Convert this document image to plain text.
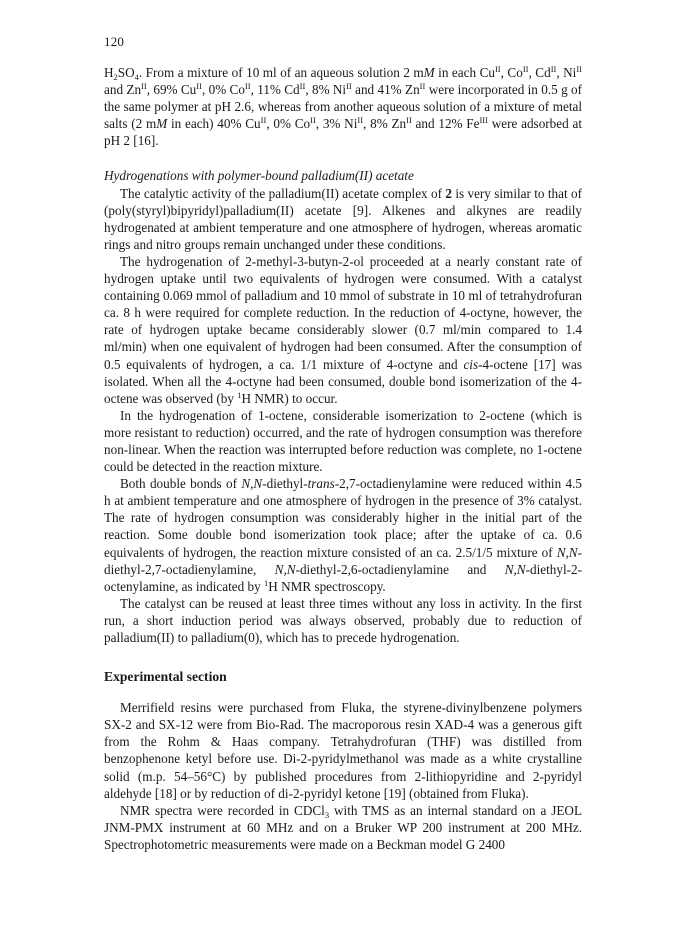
120

$H_2SO_4$. From a mixture of 10 ml of an aqueous solution 2 mM in each $Cu^{II}$, $Co^{II}$, $Cd^{II}$, $Ni^{II}$ and $Zn^{II}$, 69% $Cu^{II}$, 0% $Co^{II}$, 11% $Cd^{II}$, 8% $Ni^{II}$ and 41% $Zn^{II}$ were incorporated in 0.5 g of the same polymer at pH 2.6, whereas from another aqueous solution of a mixture of metal salts (2 mM in each) 40% $Cu^{II}$, 0% $Co^{II}$, 3% $Ni^{II}$, 8% $Zn^{II}$ and 12% $Fe^{III}$ were adsorbed at pH 2 [16].

Hydrogenations with polymer-bound palladium(II) acetate

The catalytic activity of the palladium(II) acetate complex of 2 is very similar to that of (poly(styryl)bipyridyl)palladium(II) acetate [9]. Alkenes and alkynes are readily hydrogenated at ambient temperature and one atmosphere of hydrogen, whereas aromatic rings and nitro groups remain unchanged under these conditions.

The hydrogenation of 2-methyl-3-butyn-2-ol proceeded at a nearly constant rate of hydrogen uptake until two equivalents of hydrogen were consumed. With a catalyst containing 0.069 mmol of palladium and 10 mmol of substrate in 10 ml of tetrahydrofuran ca. 8 h were required for complete reduction. In the reduction of 4-octyne, however, the rate of hydrogen uptake became considerably slower (0.7 ml/min compared to 1.4 ml/min) when one equivalent of hydrogen had been consumed. After the consumption of 0.5 equivalents of hydrogen, a ca. 1/1 mixture of 4-octyne and cis-4-octene [17] was isolated. When all the 4-octyne had been consumed, double bond isomerization of the 4-octene was observed (by $^1$H NMR) to occur.

In the hydrogenation of 1-octene, considerable isomerization to 2-octene (which is more resistant to reduction) occurred, and the rate of hydrogen consumption was therefore non-linear. When the reaction was interrupted before reduction was complete, no 1-octene could be detected in the reaction mixture.

Both double bonds of N,N-diethyl-trans-2,7-octadienylamine were reduced within 4.5 h at ambient temperature and one atmosphere of hydrogen in the presence of 3% catalyst. The rate of hydrogen consumption was considerably higher in the initial part of the reaction. Some double bond isomerization took place; after the uptake of ca. 0.6 equivalents of hydrogen, the reaction mixture consisted of an ca. 2.5/1/5 mixture of N,N-diethyl-2,7-octadienylamine, N,N-diethyl-2,6-octadienylamine and N,N-diethyl-2-octenylamine, as indicated by $^1$H NMR spectroscopy.

The catalyst can be reused at least three times without any loss in activity. In the first run, a short induction period was always observed, probably due to reduction of palladium(II) to palladium(0), which has to precede hydrogenation.

Experimental section

Merrifield resins were purchased from Fluka, the styrene-divinylbenzene polymers SX-2 and SX-12 were from Bio-Rad. The macroporous resin XAD-4 was a generous gift from the Rohm & Haas company. Tetrahydrofuran (THF) was distilled from benzophenone ketyl before use. Di-2-pyridylmethanol was made as a white crystalline solid (m.p. 54–56°C) by published procedures from 2-lithiopyridine and 2-pyridyl aldehyde [18] or by reduction of di-2-pyridyl ketone [19] (obtained from Fluka).

NMR spectra were recorded in CDCl$_3$ with TMS as an internal standard on a JEOL JNM-PMX instrument at 60 MHz and on a Bruker WP 200 instrument at 200 MHz. Spectrophotometric measurements were made on a Beckman model G 2400
